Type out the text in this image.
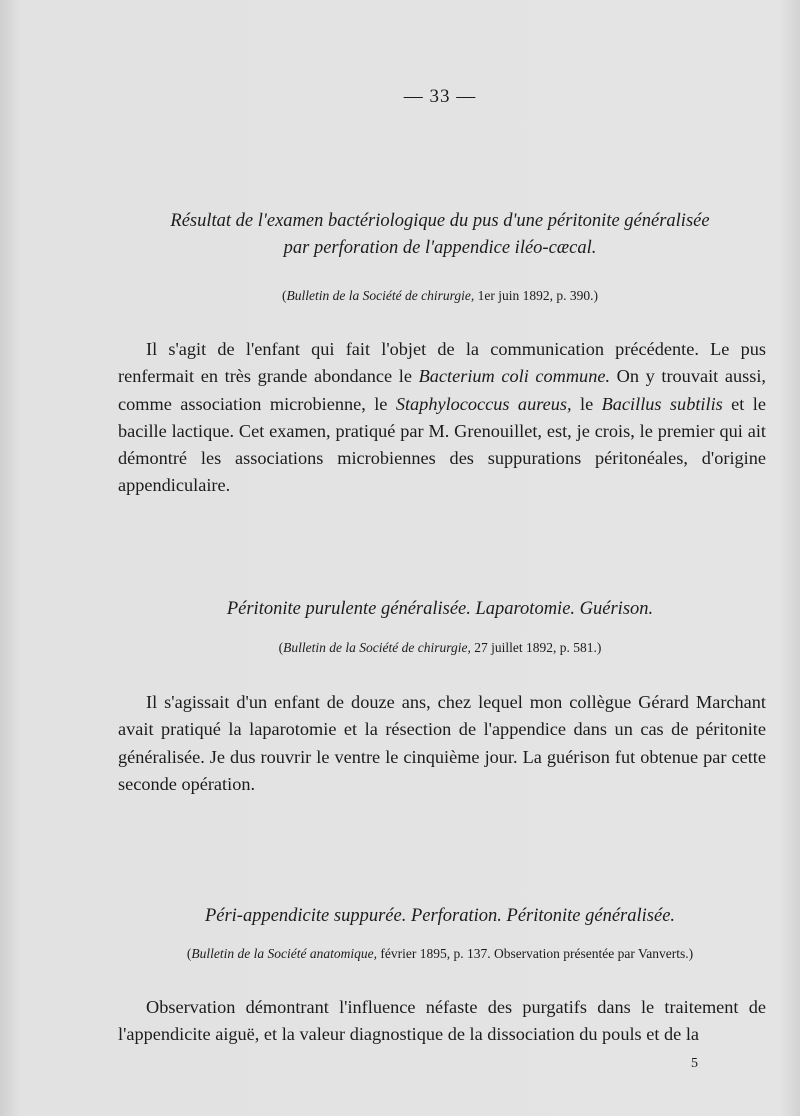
— 33 —
Résultat de l'examen bactériologique du pus d'une péritonite généralisée
par perforation de l'appendice iléo-cæcal.
(Bulletin de la Société de chirurgie, 1er juin 1892, p. 390.)
Il s'agit de l'enfant qui fait l'objet de la communication précédente. Le pus renfermait en très grande abondance le Bacterium coli commune. On y trouvait aussi, comme association microbienne, le Staphylococcus aureus, le Bacillus subtilis et le bacille lactique. Cet examen, pratiqué par M. Grenouillet, est, je crois, le premier qui ait démontré les associations microbiennes des suppurations péritonéales, d'origine appendiculaire.
Péritonite purulente généralisée. Laparotomie. Guérison.
(Bulletin de la Société de chirurgie, 27 juillet 1892, p. 581.)
Il s'agissait d'un enfant de douze ans, chez lequel mon collègue Gérard Marchant avait pratiqué la laparotomie et la résection de l'appendice dans un cas de péritonite généralisée. Je dus rouvrir le ventre le cinquième jour. La guérison fut obtenue par cette seconde opération.
Péri-appendicite suppurée. Perforation. Péritonite généralisée.
(Bulletin de la Société anatomique, février 1895, p. 137. Observation présentée par Vanverts.)
Observation démontrant l'influence néfaste des purgatifs dans le traitement de l'appendicite aiguë, et la valeur diagnostique de la dissociation du pouls et de la
5
